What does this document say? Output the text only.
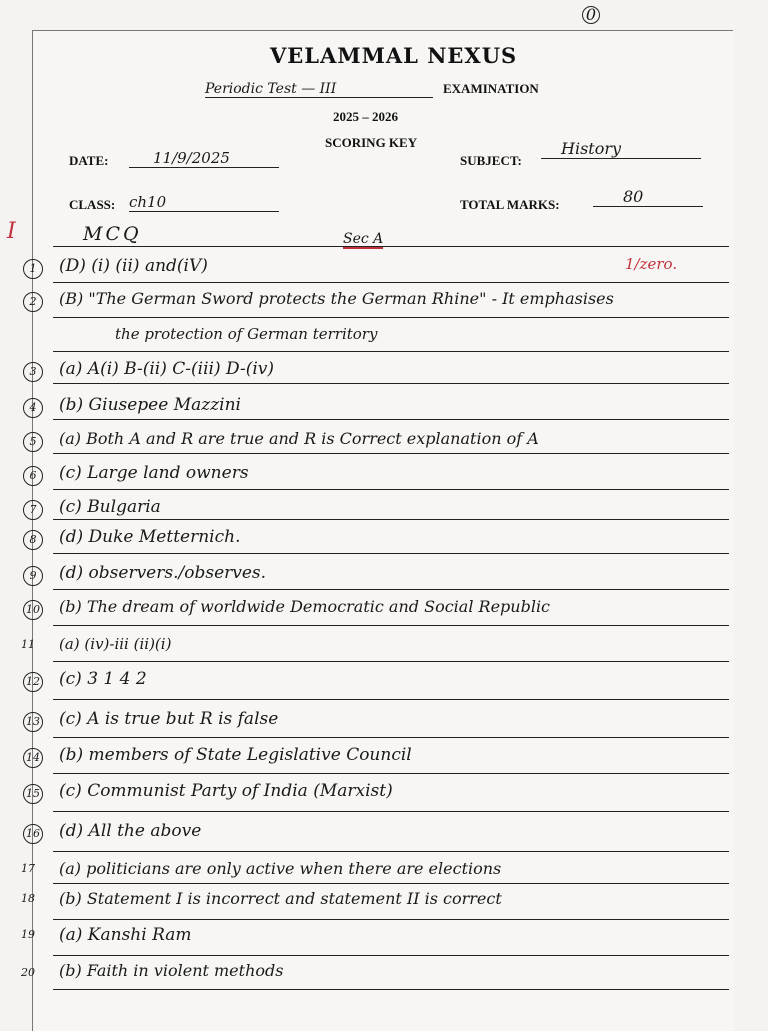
0
VELAMMAL NEXUS
Periodic Test — III	EXAMINATION
2025 – 2026
SCORING KEY
DATE:	11/9/2025	SUBJECT:
History
CLASS: ch10	TOTAL MARKS:	80
I	MCQ	Sec A
1/zero.
1	(D) (i) (ii) and(iV)
2	(B) "The German Sword protects the German Rhine" - It emphasises
the protection of German territory
3	(a) A(i) B-(ii) C-(iii) D-(iv)
4	(b) Giusepee Mazzini
5	(a) Both A and R are true and R is Correct explanation of A
6	(c) Large land owners
7	(c) Bulgaria
8	(d) Duke Metternich.
9	(d) observers./observes.
10 (b) The dream of worldwide Democratic and Social Republic
11 (a) (iv)-iii (ii)(i)
12 (c) 3 1 4 2
13 (c) A is true but R is false
14 (b) members of State Legislative Council
15 (c) Communist Party of India (Marxist)
16 (d) All the above
17 (a) politicians are only active when there are elections
18 (b) Statement I is incorrect and statement II is correct
19 (a) Kanshi Ram
20 (b) Faith in violent methods
